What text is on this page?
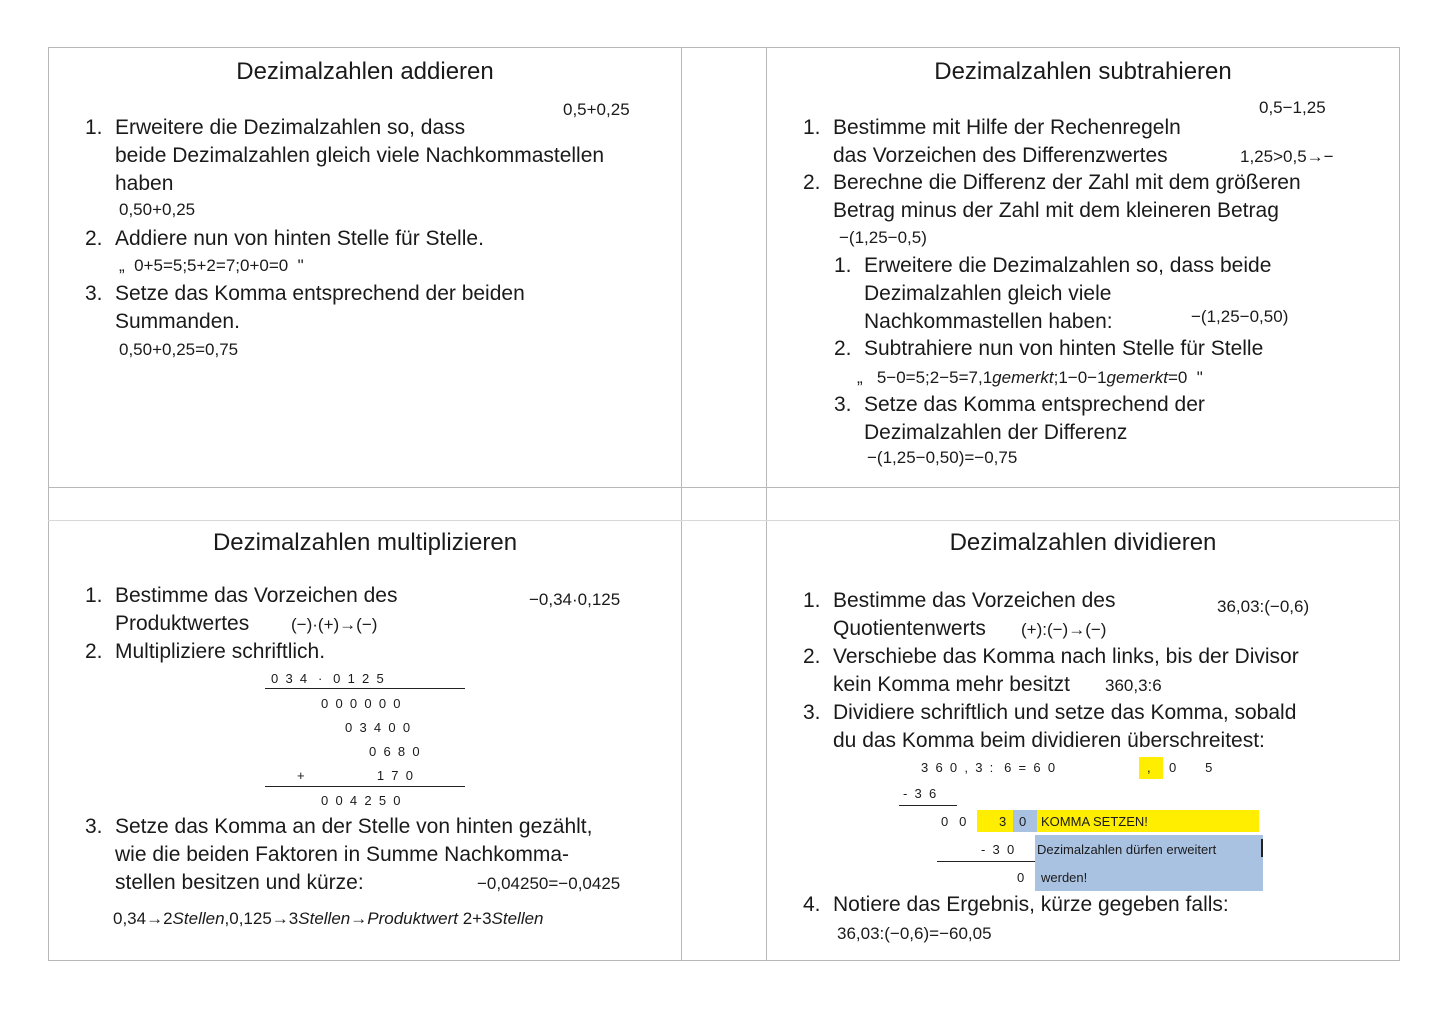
Dezimalzahlen addieren
0,5+0,25
1. Erweitere die Dezimalzahlen so, dass
beide Dezimalzahlen gleich viele Nachkommastellen
haben
0,50+0,25
2. Addiere nun von hinten Stelle für Stelle.
„  0+5=5;5+2=7;0+0=0  "
3. Setze das Komma entsprechend der beiden
Summanden.
0,50+0,25=0,75
Dezimalzahlen subtrahieren
0,5−1,25
1. Bestimme mit Hilfe der Rechenregeln
das Vorzeichen des Differenzwertes	1,25>0,5→−
2. Berechne die Differenz der Zahl mit dem größeren
Betrag minus der Zahl mit dem kleineren Betrag
−(1,25−0,5)
1. Erweitere die Dezimalzahlen so, dass beide
Dezimalzahlen gleich viele
Nachkommastellen haben:	−(1,25−0,50)
2. Subtrahiere nun von hinten Stelle für Stelle
„   5−0=5;2−5=7,1gemerkt;1−0−1gemerkt=0  "
3. Setze das Komma entsprechend der
Dezimalzahlen der Differenz
−(1,25−0,50)=−0,75
Dezimalzahlen multiplizieren
−0,34·0,125
1. Bestimme das Vorzeichen des
Produktwertes	(−)·(+)→(−)
2. Multipliziere schriftlich.
0  3  4   ·   0  1  2  5
0  0  0  0  0  0
0  3  4  0  0
0  6  8  0
+                    1  7  0
0  0  4  2  5  0
3. Setze das Komma an der Stelle von hinten gezählt,
wie die beiden Faktoren in Summe Nachkomma-
stellen besitzen und kürze:	−0,04250=−0,0425
0,34→2Stellen,0,125→3Stellen→Produktwert 2+3Stellen
Dezimalzahlen dividieren
36,03:(−0,6)
1. Bestimme das Vorzeichen des
Quotientenwerts	(+):(−)→(−)
2. Verschiebe das Komma nach links, bis der Divisor
kein Komma mehr besitzt	360,3:6
3. Dividiere schriftlich und setze das Komma, sobald
du das Komma beim dividieren überschreitest:
3  6  0  ,  3  :   6  =  6  0	, 0        5
-  3  6
0   0	3 0 KOMMA SETZEN!
-  3  0 Dezimalzahlen dürfen erweitert
0 werden!
4. Notiere das Ergebnis, kürze gegeben falls:
36,03:(−0,6)=−60,05
